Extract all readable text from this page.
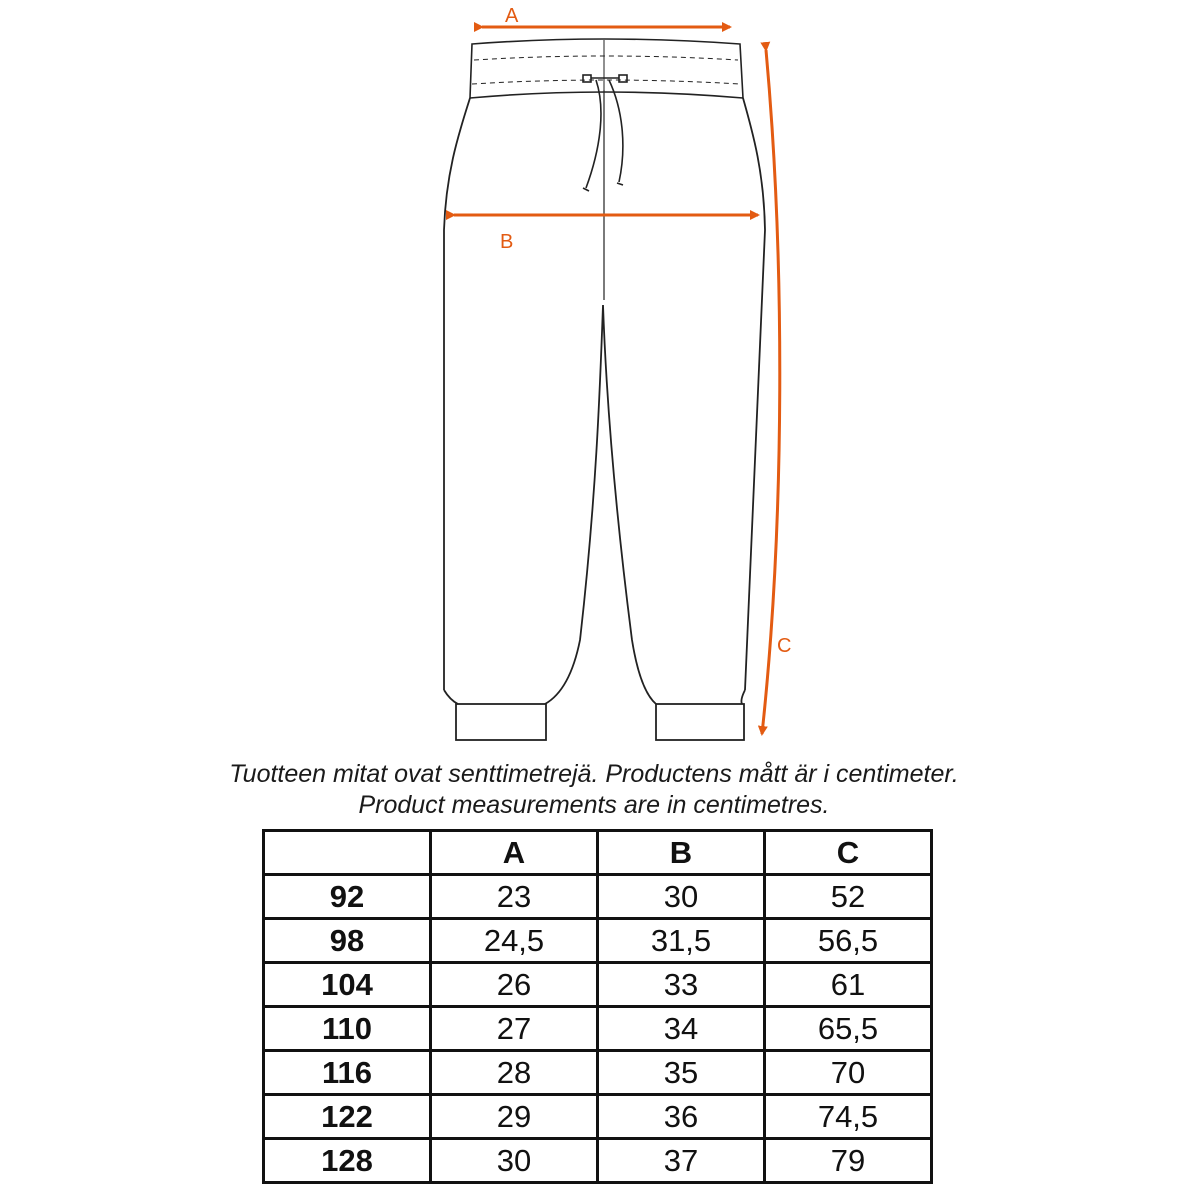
A
B
C
Tuotteen mitat ovat senttimetrejä. Productens mått är i centimeter.
Product measurements are in centimetres.
	A	B	C
92	23	30	52
98	24,5	31,5	56,5
104	26	33	61
110	27	34	65,5
116	28	35	70
122	29	36	74,5
128	30	37	79
